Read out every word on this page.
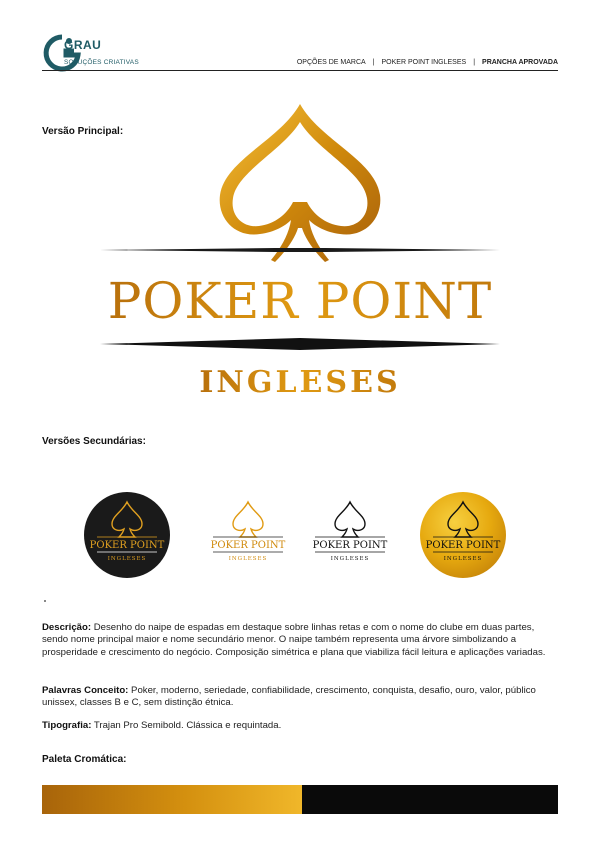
GRAU
SOLUÇÕES CRIATIVAS	OPÇÕES DE MARCA | POKER POINT INGLESES | PRANCHA APROVADA
Versão Principal:
POKER POINT
INGLESES
Versões Secundárias:
POKER POINT
INGLESES
POKER POINT
INGLESES
POKER POINT
INGLESES
POKER POINT
INGLESES
Descrição: Desenho do naipe de espadas em destaque sobre linhas retas e com o nome do clube em duas partes, sendo nome principal maior e nome secundário menor. O naipe também representa uma árvore simbolizando a prosperidade e crescimento do negócio. Composição simétrica e plana que viabiliza fácil leitura e aplicações variadas.
Palavras Conceito: Poker, moderno, seriedade, confiabilidade, crescimento, conquista, desafio, ouro, valor, público unissex, classes B e C, sem distinção étnica.
Tipografia: Trajan Pro Semibold. Clássica e requintada.
Paleta Cromática:
